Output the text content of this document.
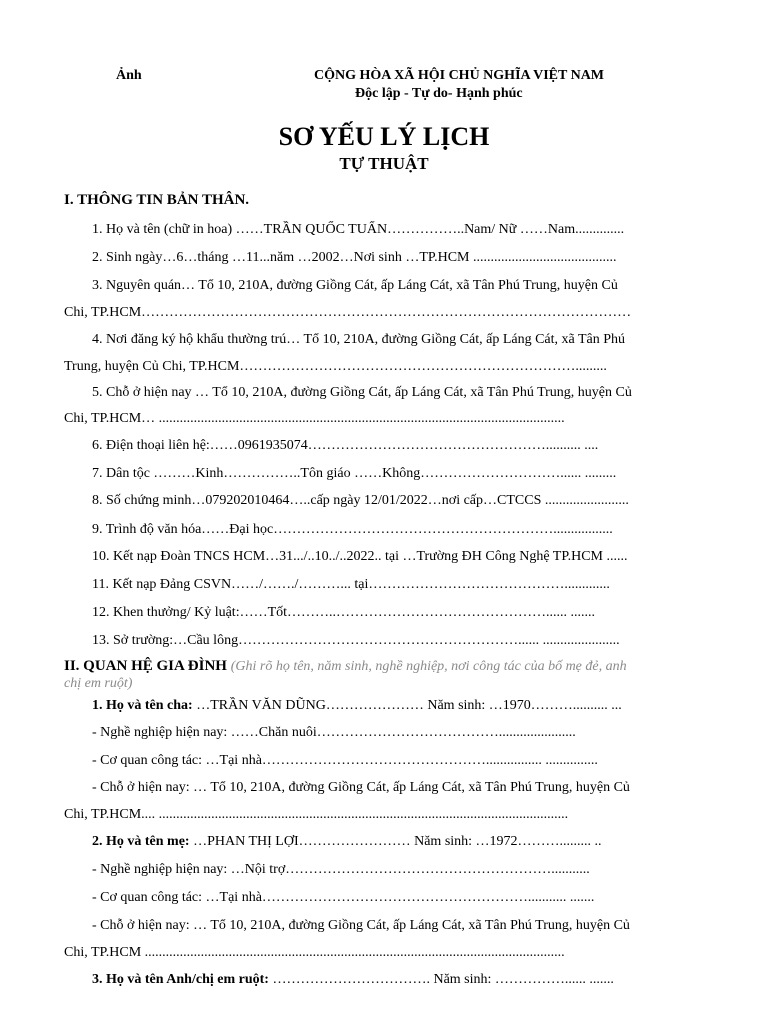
Ảnh	CỘNG HÒA XÃ HỘI CHỦ NGHĨA VIỆT NAM
Độc lập - Tự do- Hạnh phúc
SƠ YẾU LÝ LỊCH
TỰ THUẬT
I. THÔNG TIN BẢN THÂN.
1. Họ và tên (chữ in hoa) ……TRẦN QUỐC TUẤN……………..Nam/ Nữ ……Nam..............
2. Sinh ngày…6…tháng …11...năm …2002…Nơi sinh …TP.HCM .........................................
3. Nguyên quán… Tổ 10, 210A, đường Giồng Cát, ấp Láng Cát, xã Tân Phú Trung, huyện Củ
Chi, TP.HCM……………………………………………………………………………………………
4. Nơi đăng ký hộ khẩu thường trú… Tổ 10, 210A, đường Giồng Cát, ấp Láng Cát, xã Tân Phú
Trung, huyện Củ Chi, TP.HCM……………………………………………………………….........
5. Chỗ ở hiện nay … Tổ 10, 210A, đường Giồng Cát, ấp Láng Cát, xã Tân Phú Trung, huyện Củ
Chi, TP.HCM… ....................................................................................................................
6. Điện thoại liên hệ:……0961935074…………………………………………….......... ....
7. Dân tộc ………Kinh……………..Tôn giáo ……Không…………………………...... .........
8. Số chứng minh…079202010464…..cấp ngày 12/01/2022…nơi cấp…CTCCS ........................
9. Trình độ văn hóa……Đại học…………………………………………………….................
10. Kết nạp Đoàn TNCS HCM…31.../..10../..2022.. tại …Trường ĐH Công Nghệ TP.HCM ......
11. Kết nạp Đảng CSVN……/……./………... tại…………………………………….............
12. Khen thưởng/ Kỷ luật:……Tốt………..………………………………………...... .......
13. Sở trường:…Cầu lông……………………………………………………...... ......................
II. QUAN HỆ GIA ĐÌNH (Ghi rõ họ tên, năm sinh, nghề nghiệp, nơi công tác của bố mẹ đẻ, anh
chị em ruột)
1. Họ và tên cha: …TRẦN VĂN DŨNG………………… Năm sinh: …1970……….......... ...
- Nghề nghiệp hiện nay: ……Chăn nuôi…………………………………......................
- Cơ quan công tác: …Tại nhà…………………………………………................ ...............
- Chỗ ở hiện nay: … Tổ 10, 210A, đường Giồng Cát, ấp Láng Cát, xã Tân Phú Trung, huyện Củ
Chi, TP.HCM.... .....................................................................................................................
2. Họ và tên mẹ: …PHAN THỊ LỢI…………………… Năm sinh: …1972………......... ..
- Nghề nghiệp hiện nay: …Nội trợ…………………………………………………...........
- Cơ quan công tác: …Tại nhà…………………………………………………........... .......
- Chỗ ở hiện nay: … Tổ 10, 210A, đường Giồng Cát, ấp Láng Cát, xã Tân Phú Trung, huyện Củ
Chi, TP.HCM ........................................................................................................................
3. Họ và tên Anh/chị em ruột: ……………………………. Năm sinh: ……………...... .......
